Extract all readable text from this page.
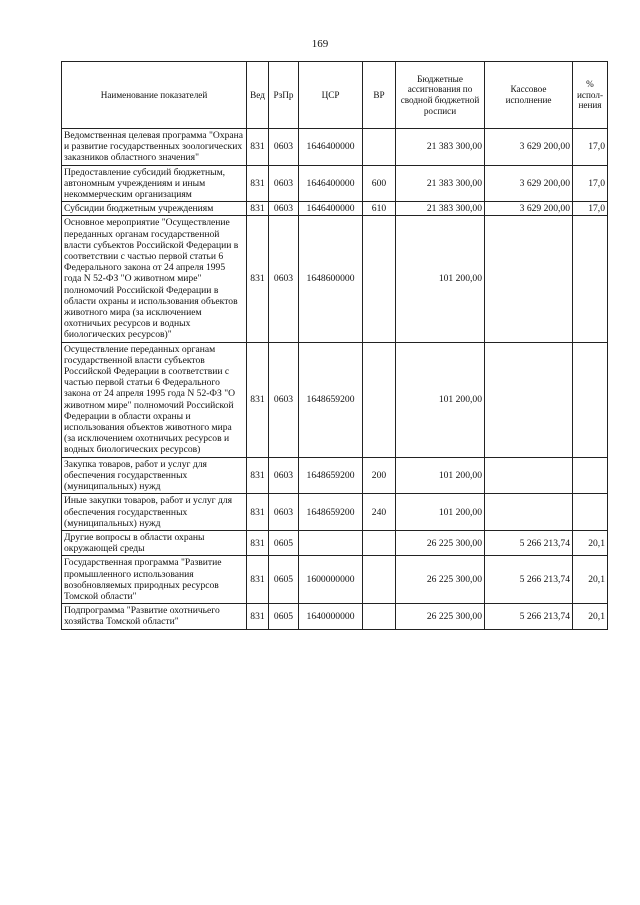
169
Наименование показателей	Вед	РзПр	ЦСР	ВР	Бюджетные ассигнования по сводной бюджетной росписи	Кассовое исполнение	% испол-нения
Ведомственная целевая программа "Охрана и развитие государственных зоологических заказников областного значения"	831	0603	1646400000		21 383 300,00	3 629 200,00	17,0
Предоставление субсидий бюджетным, автономным учреждениям и иным некоммерческим организациям	831	0603	1646400000	600	21 383 300,00	3 629 200,00	17,0
Субсидии бюджетным учреждениям	831	0603	1646400000	610	21 383 300,00	3 629 200,00	17,0
Основное мероприятие "Осуществление переданных органам государственной власти субъектов Российской Федерации в соответствии с частью первой статьи 6 Федерального закона от 24 апреля 1995 года N 52-ФЗ "О животном мире" полномочий Российской Федерации в области охраны и использования объектов животного мира (за исключением охотничьих ресурсов и водных биологических ресурсов)"	831	0603	1648600000		101 200,00		
Осуществление переданных органам государственной власти субъектов Российской Федерации в соответствии с частью первой статьи 6 Федерального закона от 24 апреля 1995 года N 52-ФЗ "О животном мире" полномочий Российской Федерации в области охраны и использования объектов животного мира (за исключением охотничьих ресурсов и водных биологических ресурсов)	831	0603	1648659200		101 200,00		
Закупка товаров, работ и услуг для обеспечения государственных (муниципальных) нужд	831	0603	1648659200	200	101 200,00		
Иные закупки товаров, работ и услуг для обеспечения государственных (муниципальных) нужд	831	0603	1648659200	240	101 200,00		
Другие вопросы в области охраны окружающей среды	831	0605			26 225 300,00	5 266 213,74	20,1
Государственная программа "Развитие промышленного использования возобновляемых природных ресурсов Томской области"	831	0605	1600000000		26 225 300,00	5 266 213,74	20,1
Подпрограмма "Развитие охотничьего хозяйства Томской области"	831	0605	1640000000		26 225 300,00	5 266 213,74	20,1
